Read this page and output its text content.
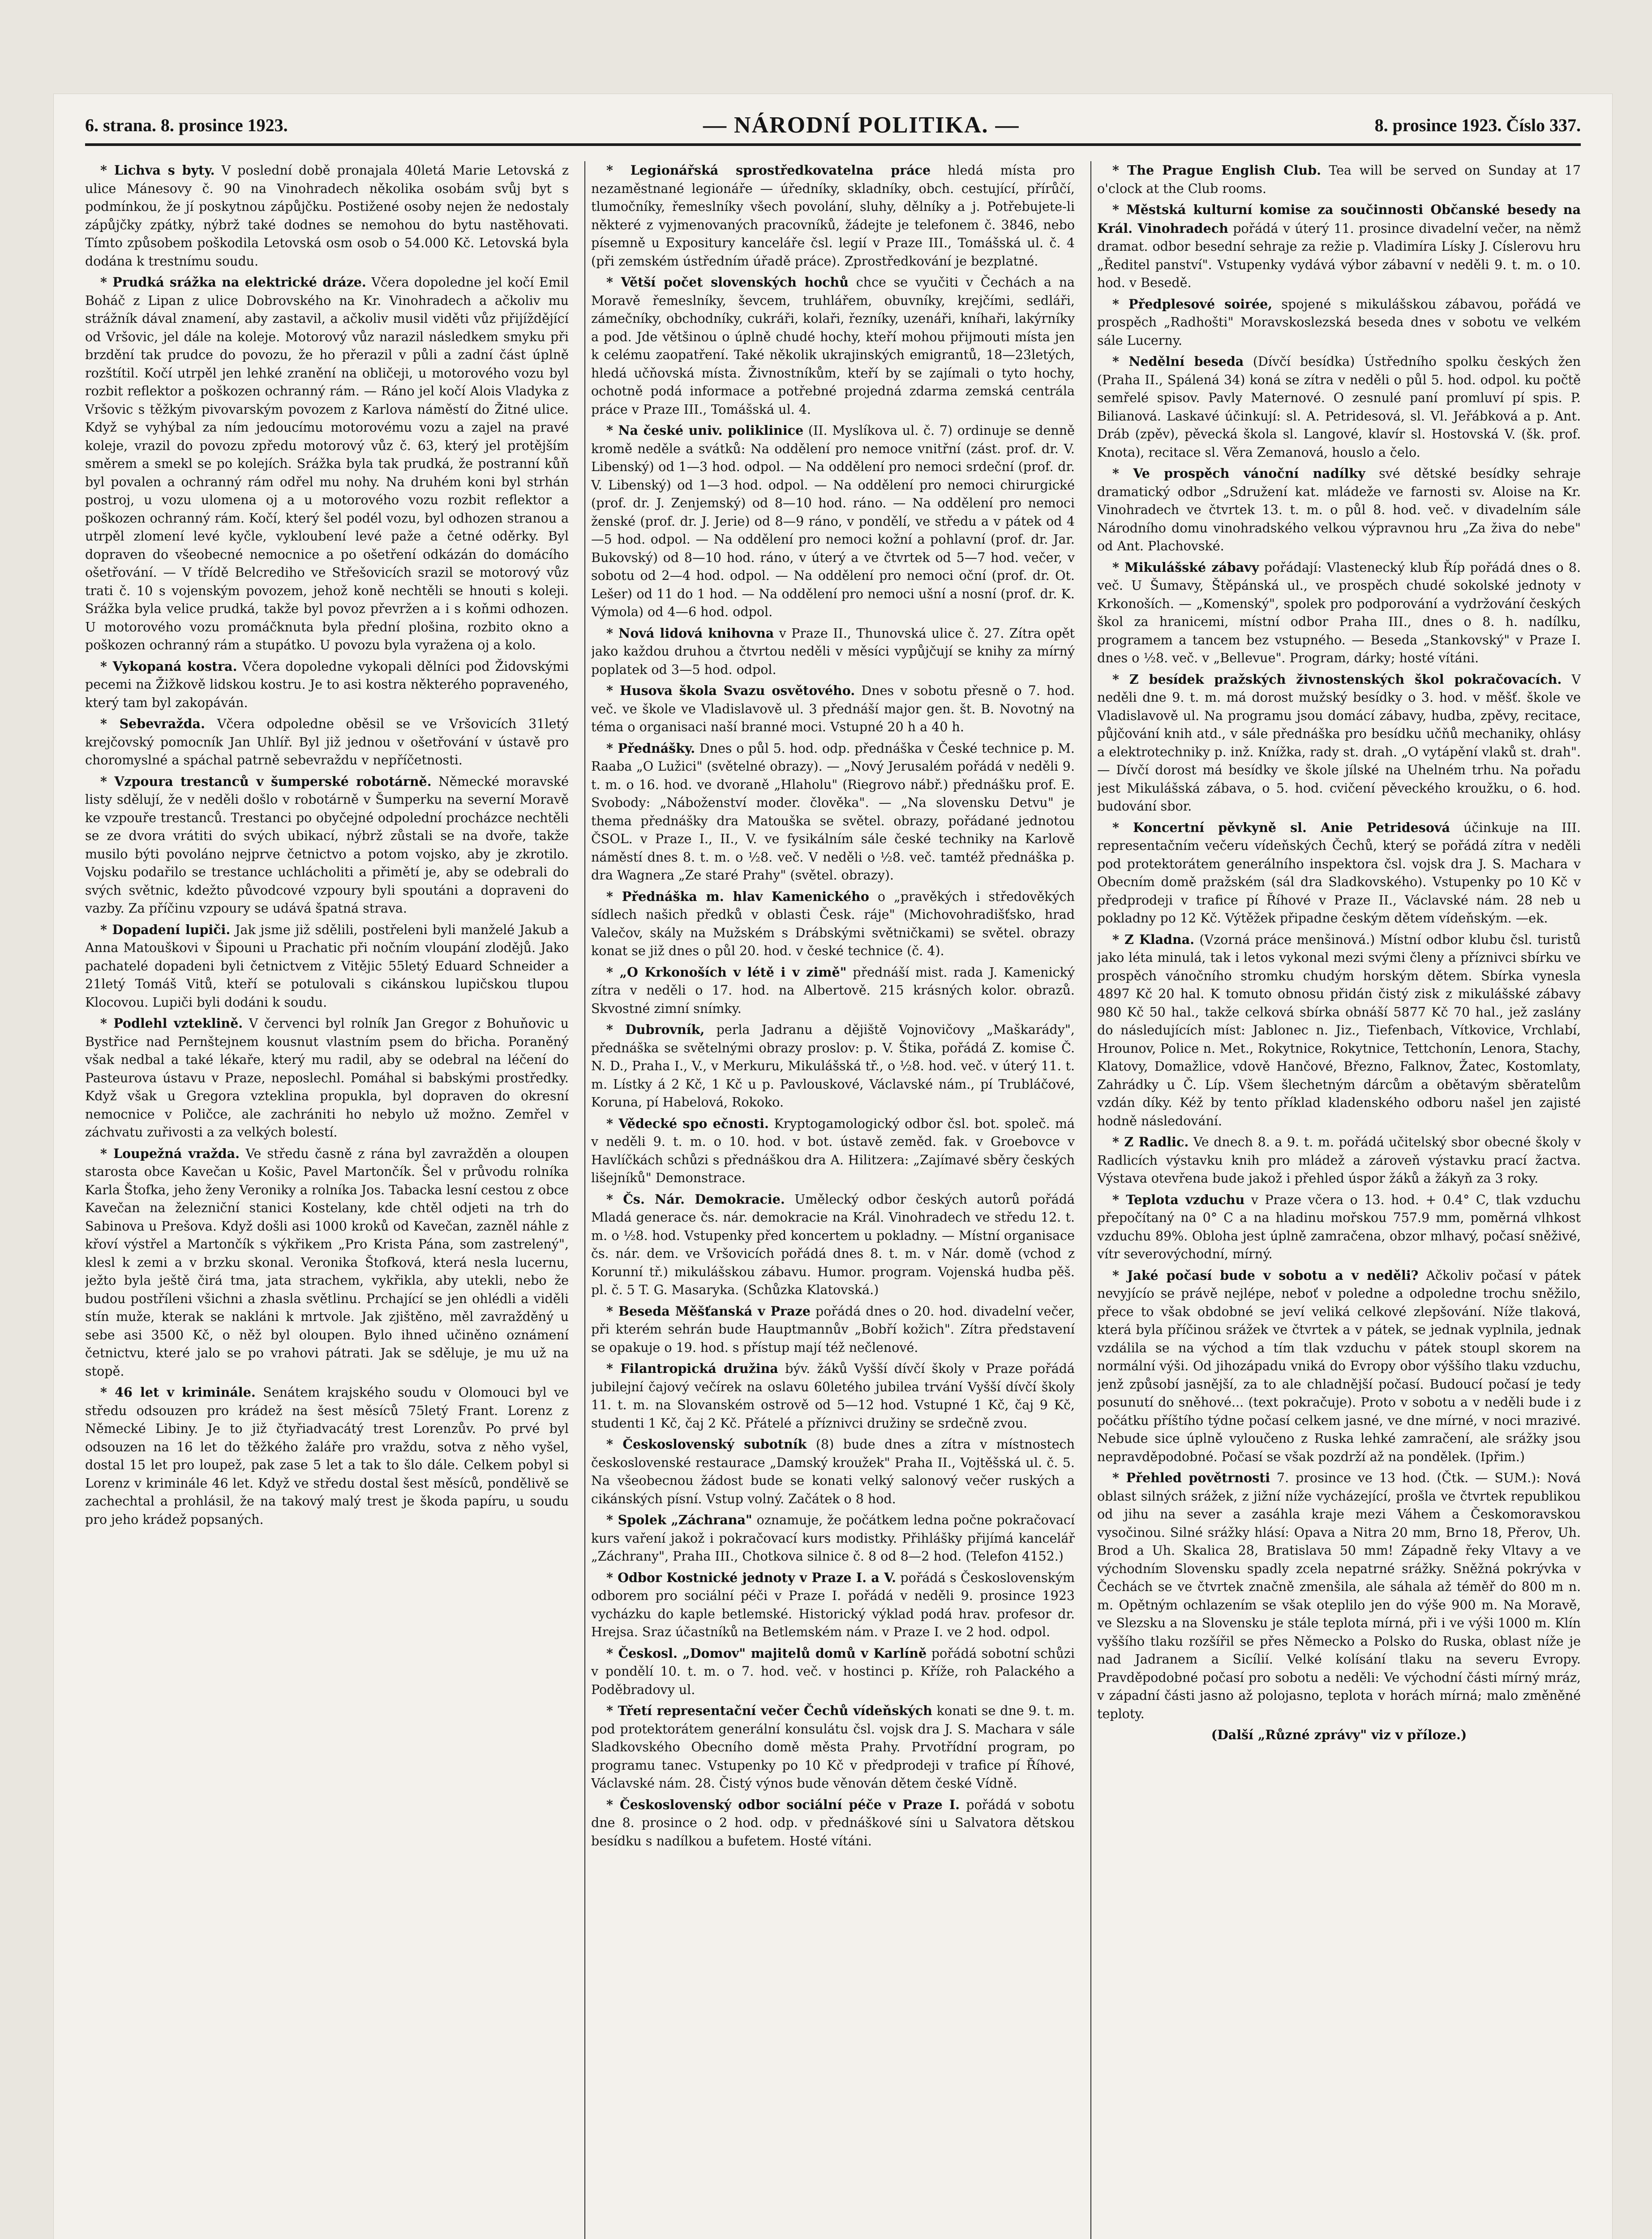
6. strana. 8. prosince 1923.	— NÁRODNÍ POLITIKA. —	8. prosince 1923. Číslo 337.

* Lichva s byty. V poslední době pronajala 40letá Marie Letovská z ulice Mánesovy č. 90 na Vinohradech několika osobám svůj byt s podmínkou, že jí poskytnou zápůjčku. Postižené osoby nejen že nedostaly zápůjčky zpátky, nýbrž také dodnes se nemohou do bytu nastěhovati. Tímto způsobem poškodila Letovská osm osob o 54.000 Kč. Letovská byla dodána k trestnímu soudu.

* Prudká srážka na elektrické dráze. Včera dopoledne jel kočí Emil Boháč z Lipan z ulice Dobrovského na Kr. Vinohradech a ačkoliv mu strážník dával znamení, aby zastavil, a ačkoliv musil viděti vůz přijíždějící od Vršovic, jel dále na koleje. Motorový vůz narazil následkem smyku při brzdění tak prudce do povozu, že ho přerazil v půli a zadní část úplně rozštítil. Kočí utrpěl jen lehké zranění na obličeji, u motorového vozu byl rozbit reflektor a poškozen ochranný rám. — Ráno jel kočí Alois Vladyka z Vršovic s těžkým pivovarským povozem z Karlova náměstí do Žitné ulice. Když se vyhýbal za ním jedoucímu motorovému vozu a zajel na pravé koleje, vrazil do povozu zpředu motorový vůz č. 63, který jel protějším směrem a smekl se po kolejích. Srážka byla tak prudká, že postranní kůň byl povalen a ochranný rám odřel mu nohy. Na druhém koni byl strhán postroj, u vozu ulomena oj a u motorového vozu rozbit reflektor a poškozen ochranný rám. Kočí, který šel podél vozu, byl odhozen stranou a utrpěl zlomení levé kyčle, vykloubení levé paže a četné oděrky. Byl dopraven do všeobecné nemocnice a po ošetření odkázán do domácího ošetřování. — V třídě Belcrediho ve Střešovicích srazil se motorový vůz trati č. 10 s vojenským povozem, jehož koně nechtěli se hnouti s koleji. Srážka byla velice prudká, takže byl povoz převržen a i s koňmi odhozen. U motorového vozu promáčknuta byla přední plošina, rozbito okno a poškozen ochranný rám a stupátko. U povozu byla vyražena oj a kolo.

* Vykopaná kostra. Včera dopoledne vykopali dělníci pod Židovskými pecemi na Žižkově lidskou kostru. Je to asi kostra některého popraveného, který tam byl zakopáván.

* Sebevražda. Včera odpoledne oběsil se ve Vršovicích 31letý krejčovský pomocník Jan Uhlíř. Byl již jednou v ošetřování v ústavě pro choromyslné a spáchal patrně sebevraždu v nepříčetnosti.

* Vzpoura trestanců v šumperské robotárně. Německé moravské listy sdělují, že v neděli došlo v robotárně v Šumperku na severní Moravě ke vzpouře trestanců. Trestanci po obyčejné odpolední procházce nechtěli se ze dvora vrátiti do svých ubikací, nýbrž zůstali se na dvoře, takže musilo býti povoláno nejprve četnictvo a potom vojsko, aby je zkrotilo. Vojsku podařilo se trestance uchlácholiti a přimětí je, aby se odebrali do svých světnic, kdežto původcové vzpoury byli spoutáni a dopraveni do vazby. Za příčinu vzpoury se udává špatná strava.

* Dopadení lupiči. Jak jsme již sdělili, postřeleni byli manželé Jakub a Anna Matouškovi v Šipouni u Prachatic při nočním vloupání zlodějů. Jako pachatelé dopadeni byli četnictvem z Vitějic 55letý Eduard Schneider a 21letý Tomáš Vitů, kteří se potulovali s cikánskou lupičskou tlupou Klocovou. Lupiči byli dodáni k soudu.

* Podlehl vzteklině. V červenci byl rolník Jan Gregor z Bohuňovic u Bystřice nad Pernštejnem kousnut vlastním psem do břicha. Poraněný však nedbal a také lékaře, který mu radil, aby se odebral na léčení do Pasteurova ústavu v Praze, neposlechl. Pomáhal si babskými prostředky. Když však u Gregora vzteklina propukla, byl dopraven do okresní nemocnice v Poličce, ale zachrániti ho nebylo už možno. Zemřel v záchvatu zuřivosti a za velkých bolestí.

* Loupežná vražda. Ve středu časně z rána byl zavražděn a oloupen starosta obce Kavečan u Košic, Pavel Martončík. Šel v průvodu rolníka Karla Štofka, jeho ženy Veroniky a rolníka Jos. Tabacka lesní cestou z obce Kavečan na železniční stanici Kostelany, kde chtěl odjeti na trh do Sabinova u Prešova. Když došli asi 1000 kroků od Kavečan, zazněl náhle z křoví výstřel a Martončík s výkřikem „Pro Krista Pána, som zastrelený", klesl k zemi a v brzku skonal. Veronika Štofková, která nesla lucernu, ježto byla ještě čirá tma, jata strachem, vykřikla, aby utekli, nebo že budou postříleni všichni a zhasla světlinu. Prchající se jen ohlédli a viděli stín muže, kterak se nakláni k mrtvole. Jak zjištěno, měl zavražděný u sebe asi 3500 Kč, o něž byl oloupen. Bylo ihned učiněno oznámení četnictvu, které jalo se po vrahovi pátrati. Jak se sděluje, je mu už na stopě.

* 46 let v kriminále. Senátem krajského soudu v Olomouci byl ve středu odsouzen pro krádež na šest měsíců 75letý Frant. Lorenz z Německé Libiny. Je to již čtyřiadvacátý trest Lorenzův. Po prvé byl odsouzen na 16 let do těžkého žaláře pro vraždu, sotva z něho vyšel, dostal 15 let pro loupež, pak zase 5 let a tak to šlo dále. Celkem pobyl si Lorenz v kriminále 46 let. Když ve středu dostal šest měsíců, pondělivě se zachechtal a prohlásil, že na takový malý trest je škoda papíru, u soudu pro jeho krádež popsaných.

* Legionářská sprostředkovatelna práce hledá místa pro nezaměstnané legionáře — úředníky, skladníky, obch. cestující, přírůčí, tlumočníky, řemeslníky všech povolání, sluhy, dělníky a j. Potřebujete-li některé z vyjmenovaných pracovníků, žádejte je telefonem č. 3846, nebo písemně u Expositury kanceláře čsl. legií v Praze III., Tomášská ul. č. 4 (při zemském ústředním úřadě práce). Zprostředkování je bezplatné.

* Větší počet slovenských hochů chce se vyučiti v Čechách a na Moravě řemeslníky, ševcem, truhlářem, obuvníky, krejčími, sedláři, zámečníky, obchodníky, cukráři, kolaři, řezníky, uzenáři, kníhaři, lakýrníky a pod. Jde většinou o úplně chudé hochy, kteří mohou přijmouti místa jen k celému zaopatření. Také několik ukrajinských emigrantů, 18—23letých, hledá učňovská místa. Živnostníkům, kteří by se zajímali o tyto hochy, ochotně podá informace a potřebné projedná zdarma zemská centrála práce v Praze III., Tomášská ul. 4.

* Na české univ. poliklinice (II. Myslíkova ul. č. 7) ordinuje se denně kromě neděle a svátků: Na oddělení pro nemoce vnitřní (zást. prof. dr. V. Libenský) od 1—3 hod. odpol. — Na oddělení pro nemoci srdeční (prof. dr. V. Libenský) od 1—3 hod. odpol. — Na oddělení pro nemoci chirurgické (prof. dr. J. Zenjemský) od 8—10 hod. ráno. — Na oddělení pro nemoci ženské (prof. dr. J. Jerie) od 8—9 ráno, v pondělí, ve středu a v pátek od 4—5 hod. odpol. — Na oddělení pro nemoci kožní a pohlavní (prof. dr. Jar. Bukovský) od 8—10 hod. ráno, v úterý a ve čtvrtek od 5—7 hod. večer, v sobotu od 2—4 hod. odpol. — Na oddělení pro nemoci oční (prof. dr. Ot. Lešer) od 11 do 1 hod. — Na oddělení pro nemoci ušní a nosní (prof. dr. K. Výmola) od 4—6 hod. odpol.

* Nová lidová knihovna v Praze II., Thunovská ulice č. 27. Zítra opět jako každou druhou a čtvrtou neděli v měsíci vypůjčují se knihy za mírný poplatek od 3—5 hod. odpol.

* Husova škola Svazu osvětového. Dnes v sobotu přesně o 7. hod. več. ve škole ve Vladislavově ul. 3 přednáší major gen. št. B. Novotný na téma o organisaci naší branné moci. Vstupné 20 h a 40 h.

* Přednášky. Dnes o půl 5. hod. odp. přednáška v České technice p. M. Raaba „O Lužici" (světelné obrazy). — „Nový Jerusalém pořádá v neděli 9. t. m. o 16. hod. ve dvoraně „Hlaholu" (Riegrovo nábř.) přednášku prof. E. Svobody: „Náboženství moder. člověka". — „Na slovensku Detvu" je thema přednášky dra Matouška se světel. obrazy, pořádané jednotou ČSOL. v Praze I., II., V. ve fysikálním sále české techniky na Karlově náměstí dnes 8. t. m. o ½8. več. V neděli o ½8. več. tamtéž přednáška p. dra Wagnera „Ze staré Prahy" (světel. obrazy).

* Přednáška m. hlav Kamenického o „pravěkých i středověkých sídlech našich předků v oblasti Česk. ráje" (Michovohradišťsko, hrad Valečov, skály na Mužském s Drábskými světničkami) se světel. obrazy konat se již dnes o půl 20. hod. v české technice (č. 4).

* „O Krkonoších v létě i v zimě" přednáší mist. rada J. Kamenický zítra v neděli o 17. hod. na Albertově. 215 krásných kolor. obrazů. Skvostné zimní snímky.

* Dubrovník, perla Jadranu a dějiště Vojnovičovy „Maškarády", přednáška se světelnými obrazy proslov: p. V. Štika, pořádá Z. komise Č. N. D., Praha I., V., v Merkuru, Mikulášská tř., o ½8. hod. več. v úterý 11. t. m. Lístky á 2 Kč, 1 Kč u p. Pavlouskové, Václavské nám., pí Trubláčové, Koruna, pí Habelová, Rokoko.

* Vědecké spo ečnosti. Kryptogamologický odbor čsl. bot. společ. má v neděli 9. t. m. o 10. hod. v bot. ústavě zeměd. fak. v Groebovce v Havlíčkách schůzi s přednáškou dra A. Hilitzera: „Zajímavé sběry českých lišejníků" Demonstrace.

* Čs. Nár. Demokracie. Umělecký odbor českých autorů pořádá Mladá generace čs. nár. demokracie na Král. Vinohradech ve středu 12. t. m. o ½8. hod. Vstupenky před koncertem u pokladny. — Místní organisace čs. nár. dem. ve Vršovicích pořádá dnes 8. t. m. v Nár. domě (vchod z Korunní tř.) mikulášskou zábavu. Humor. program. Vojenská hudba pěš. pl. č. 5 T. G. Masaryka. (Schůzka Klatovská.)

* Beseda Měšťanská v Praze pořádá dnes o 20. hod. divadelní večer, při kterém sehrán bude Hauptmannův „Bobří kožich". Zítra představení se opakuje o 19. hod. s přístup mají též nečlenové.

* Filantropická družina býv. žáků Vyšší dívčí školy v Praze pořádá jubilejní čajový večírek na oslavu 60letého jubilea trvání Vyšší dívčí školy 11. t. m. na Slovanském ostrově od 5—12 hod. Vstupné 1 Kč, čaj 9 Kč, studenti 1 Kč, čaj 2 Kč. Přátelé a příznivci družiny se srdečně zvou.

* Československý subotník (8) bude dnes a zítra v místnostech československé restaurace „Damský kroužek" Praha II., Vojtěšská ul. č. 5. Na všeobecnou žádost bude se konati velký salonový večer ruských a cikánských písní. Vstup volný. Začátek o 8 hod.

* Spolek „Záchrana" oznamuje, že počátkem ledna počne pokračovací kurs vaření jakož i pokračovací kurs modistky. Přihlášky přijímá kancelář „Záchrany", Praha III., Chotkova silnice č. 8 od 8—2 hod. (Telefon 4152.)

* Odbor Kostnické jednoty v Praze I. a V. pořádá s Československým odborem pro sociální péči v Praze I. pořádá v neděli 9. prosince 1923 vycházku do kaple betlemské. Historický výklad podá hrav. profesor dr. Hrejsa. Sraz účastníků na Betlemském nám. v Praze I. ve 2 hod. odpol.

* Českosl. „Domov" majitelů domů v Karlíně pořádá sobotní schůzi v pondělí 10. t. m. o 7. hod. več. v hostinci p. Kříže, roh Palackého a Poděbradovy ul.

* Třetí representační večer Čechů vídeňských konati se dne 9. t. m. pod protektorátem generální konsulátu čsl. vojsk dra J. S. Machara v sále Sladkovského Obecního domě města Prahy. Prvotřídní program, po programu tanec. Vstupenky po 10 Kč v předprodeji v trafice pí Říhové, Václavské nám. 28. Čistý výnos bude věnován dětem české Vídně.

* Československý odbor sociální péče v Praze I. pořádá v sobotu dne 8. prosince o 2 hod. odp. v přednáškové síni u Salvatora dětskou besídku s nadílkou a bufetem. Hosté vítáni.

* The Prague English Club. Tea will be served on Sunday at 17 o'clock at the Club rooms.

* Městská kulturní komise za součinnosti Občanské besedy na Král. Vinohradech pořádá v úterý 11. prosince divadelní večer, na němž dramat. odbor besední sehraje za režie p. Vladimíra Lísky J. Císlerovu hru „Ředitel panství". Vstupenky vydává výbor zábavní v neděli 9. t. m. o 10. hod. v Besedě.

* Předplesové soirée, spojené s mikulášskou zábavou, pořádá ve prospěch „Radhošti" Moravskoslezská beseda dnes v sobotu ve velkém sále Lucerny.

* Nedělní beseda (Dívčí besídka) Ústředního spolku českých žen (Praha II., Spálená 34) koná se zítra v neděli o půl 5. hod. odpol. ku počtě semřelé spisov. Pavly Maternové. O zesnulé paní promluví pí spis. P. Bilianová. Laskavé účinkují: sl. A. Petridesová, sl. Vl. Jeřábková a p. Ant. Dráb (zpěv), pěvecká škola sl. Langové, klavír sl. Hostovská V. (šk. prof. Knota), recitace sl. Věra Zemanová, houslo a čelo.

* Ve prospěch vánoční nadílky své dětské besídky sehraje dramatický odbor „Sdružení kat. mládeže ve farnosti sv. Aloise na Kr. Vinohradech ve čtvrtek 13. t. m. o půl 8. hod. več. v divadelním sále Národního domu vinohradského velkou výpravnou hru „Za živa do nebe" od Ant. Plachovské.

* Mikulášské zábavy pořádají: Vlastenecký klub Říp pořádá dnes o 8. več. U Šumavy, Štěpánská ul., ve prospěch chudé sokolské jednoty v Krkonoších. — „Komenský", spolek pro podporování a vydržování českých škol za hranicemi, místní odbor Praha III., dnes o 8. h. nadílku, programem a tancem bez vstupného. — Beseda „Stankovský" v Praze I. dnes o ½8. več. v „Bellevue". Program, dárky; hosté vítáni.

* Z besídek pražských živnostenských škol pokračovacích. V neděli dne 9. t. m. má dorost mužský besídky o 3. hod. v měšť. škole ve Vladislavově ul. Na programu jsou domácí zábavy, hudba, zpěvy, recitace, půjčování knih atd., v sále přednáška pro besídku učňů mechaniky, ohlásy a elektrotechniky p. inž. Knížka, rady st. drah. „O vytápění vlaků st. drah". — Dívčí dorost má besídky ve škole jílské na Uhelném trhu. Na pořadu jest Mikulášská zábava, o 5. hod. cvičení pěveckého kroužku, o 6. hod. budování sbor.

* Koncertní pěvkyně sl. Anie Petridesová účinkuje na III. representačním večeru vídeňských Čechů, který se pořádá zítra v neděli pod protektorátem generálního inspektora čsl. vojsk dra J. S. Machara v Obecním domě pražském (sál dra Sladkovského). Vstupenky po 10 Kč v předprodeji v trafice pí Říhové v Praze II., Václavské nám. 28 neb u pokladny po 12 Kč. Výtěžek připadne českým dětem vídeňským. —ek.

* Z Kladna. (Vzorná práce menšinová.) Místní odbor klubu čsl. turistů jako léta minulá, tak i letos vykonal mezi svými členy a příznivci sbírku ve prospěch vánočního stromku chudým horským dětem. Sbírka vynesla 4897 Kč 20 hal. K tomuto obnosu přidán čistý zisk z mikulášské zábavy 980 Kč 50 hal., takže celková sbírka obnáší 5877 Kč 70 hal., jež zaslány do následujících míst: Jablonec n. Jiz., Tiefenbach, Vítkovice, Vrchlabí, Hrounov, Police n. Met., Rokytnice, Rokytnice, Tettchonín, Lenora, Stachy, Klatovy, Domažlice, vdově Hančové, Březno, Falknov, Žatec, Kostomlaty, Zahrádky u Č. Líp. Všem šlechetným dárcům a obětavým sběratelům vzdán díky. Kéž by tento příklad kladenského odboru našel jen zajisté hodně následování.

* Z Radlic. Ve dnech 8. a 9. t. m. pořádá učitelský sbor obecné školy v Radlicích výstavku knih pro mládež a zároveň výstavku prací žactva. Výstava otevřena bude jakož i přehled úspor žáků a žákyň za 3 roky.

* Teplota vzduchu v Praze včera o 13. hod. + 0.4° C, tlak vzduchu přepočítaný na 0° C a na hladinu mořskou 757.9 mm, poměrná vlhkost vzduchu 89%. Obloha jest úplně zamračena, obzor mlhavý, počasí sněživé, vítr severovýchodní, mírný.

* Jaké počasí bude v sobotu a v neděli? Ačkoliv počasí v pátek nevyjícío se právě nejlépe, neboť v poledne a odpoledne trochu sněžilo, přece to však obdobné se jeví veliká celkové zlepšování. Níže tlaková, která byla příčinou srážek ve čtvrtek a v pátek, se jednak vyplnila, jednak vzdálila se na východ a tím tlak vzduchu v pátek stoupl skorem na normální výši. Od jihozápadu vniká do Evropy obor výššího tlaku vzduchu, jenž způsobí jasnější, za to ale chladnější počasí. Budoucí počasí je tedy posunutí do sněhové... (text pokračuje). Proto v sobotu a v neděli bude i z počátku příštího týdne počasí celkem jasné, ve dne mírné, v noci mrazivé. Nebude sice úplně vyloučeno z Ruska lehké zamračení, ale srážky jsou nepravděpodobné. Počasí se však pozdrží až na pondělek. (Ipřim.)

* Přehled povětrnosti 7. prosince ve 13 hod. (Čtk. — SUM.): Nová oblast silných srážek, z jižní níže vycházející, prošla ve čtvrtek republikou od jihu na sever a zasáhla kraje mezi Váhem a Českomoravskou vysočinou. Silné srážky hlásí: Opava a Nitra 20 mm, Brno 18, Přerov, Uh. Brod a Uh. Skalica 28, Bratislava 50 mm! Západně řeky Vltavy a ve východním Slovensku spadly zcela nepatrné srážky. Sněžná pokrývka v Čechách se ve čtvrtek značně zmenšila, ale sáhala až téměř do 800 m n. m. Opětným ochlazením se však oteplilo jen do výše 900 m. Na Moravě, ve Slezsku a na Slovensku je stále teplota mírná, při i ve výši 1000 m. Klín vyššího tlaku rozšířil se přes Německo a Polsko do Ruska, oblast níže je nad Jadranem a Sicílií. Velké kolísání tlaku na severu Evropy. Pravděpodobné počasí pro sobotu a neděli: Ve východní části mírný mráz, v západní části jasno až polojasno, teplota v horách mírná; malo změněné teploty.

(Další „Různé zprávy" viz v příloze.)
